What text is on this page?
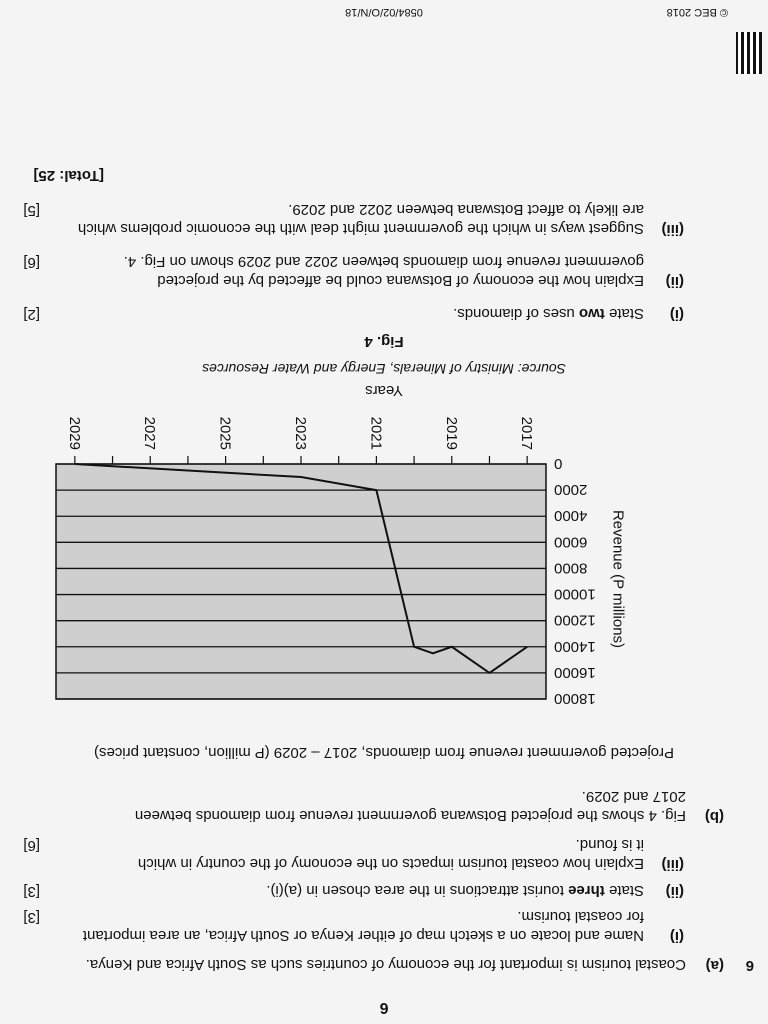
6
6
(a)
Coastal tourism is important for the economy of countries such as South Africa and Kenya.
(i)
Name and locate on a sketch map of either Kenya or South Africa, an area important
for coastal tourism.
[3]
(ii)
State three tourist attractions in the area chosen in (a)(i).
[3]
(iii)
Explain how coastal tourism impacts on the economy of the country in which
it is found.
[6]
(b)
Fig. 4 shows the projected Botswana government revenue from diamonds between
2017 and 2029.
Projected government revenue from diamonds, 2017 – 2029 (P million, constant prices)
0
2000
4000
6000
8000
10000
12000
14000
16000
18000
2017
2019
2021
2023
2025
2027
2029
Revenue (P millions)
Years
Source: Ministry of Minerals, Energy and Water Resources
Fig. 4
(i)
State two uses of diamonds.
[2]
(ii)
Explain how the economy of Botswana could be affected by the projected
government revenue from diamonds between 2022 and 2029 shown on Fig. 4.
[6]
(iii)
Suggest ways in which the government might deal with the economic problems which
are likely to affect Botswana between 2022 and 2029.
[5]
[Total: 25]
© BEC 2018
0584/02/O/N/18
